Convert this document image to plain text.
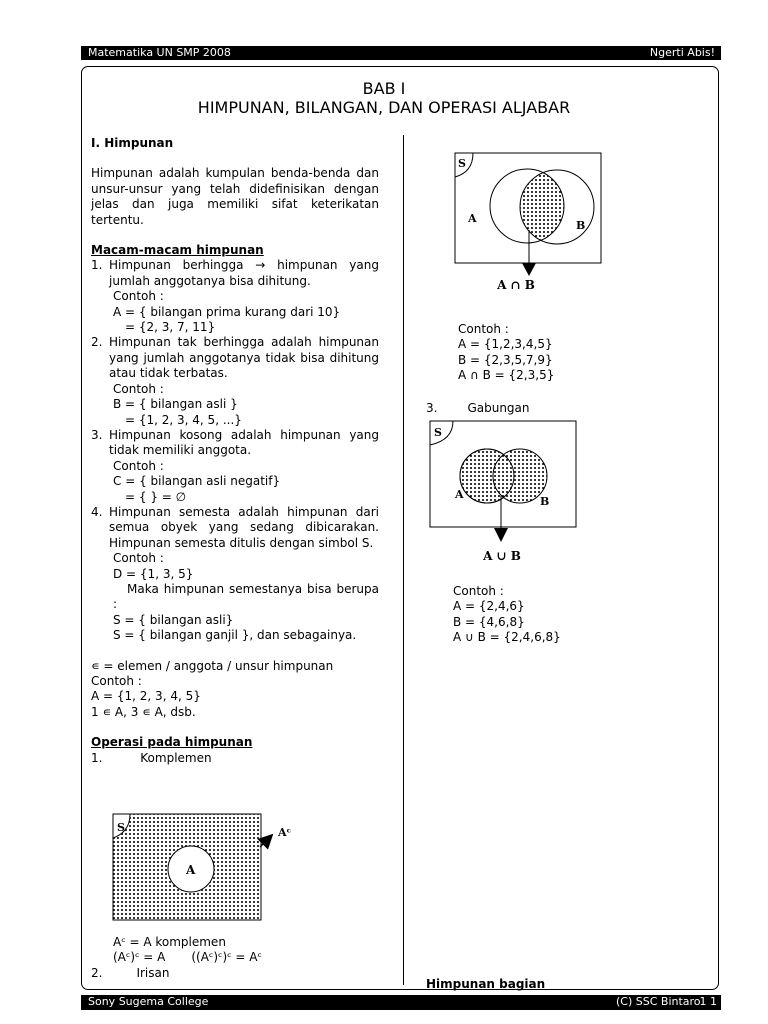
Matematika UN SMP 2008	Ngerti Abis!
BAB I
HIMPUNAN, BILANGAN, DAN OPERASI ALJABAR

I. Himpunan

Himpunan adalah kumpulan benda-benda dan unsur-unsur yang telah didefinisikan dengan jelas dan juga memiliki sifat keterikatan tertentu.

Macam-macam himpunan

1. Himpunan berhingga → himpunan yang jumlah anggotanya bisa dihitung.

Contoh :

A = { bilangan prima kurang dari 10}

= {2, 3, 7, 11}

2. Himpunan tak berhingga adalah himpunan yang jumlah anggotanya tidak bisa dihitung atau tidak terbatas.

Contoh :

B = { bilangan asli }

= {1, 2, 3, 4, 5, ...}

3. Himpunan kosong adalah himpunan yang tidak memiliki anggota.

Contoh :

C = { bilangan asli negatif}

= { } = ∅

4. Himpunan semesta adalah himpunan dari semua obyek yang sedang dibicarakan. Himpunan semesta ditulis dengan simbol S.

Contoh :

D = {1, 3, 5}

Maka himpunan semestanya bisa berupa :

S = { bilangan asli}

S = { bilangan ganjil }, dan sebagainya.

∊ = elemen / anggota / unsur himpunan

Contoh :

A = {1, 2, 3, 4, 5}

1 ∊ A, 3 ∊ A, dsb.

Operasi pada himpunan

1.	Komplemen

S
A
Aᶜ

Aᶜ = A komplemen

(Aᶜ)ᶜ = A ((Aᶜ)ᶜ)ᶜ = Aᶜ

2.	Irisan

S
A
B
A ∩ B

Contoh :

A = {1,2,3,4,5}

B = {2,3,5,7,9}

A ∩ B = {2,3,5}

3.	Gabungan

S
A
B
A ∪ B

Contoh :

A = {2,4,6}

B = {4,6,8}

A ∪ B = {2,4,6,8}

Himpunan bagian
Sony Sugema College	(C) SSC Bintaro
1 1
